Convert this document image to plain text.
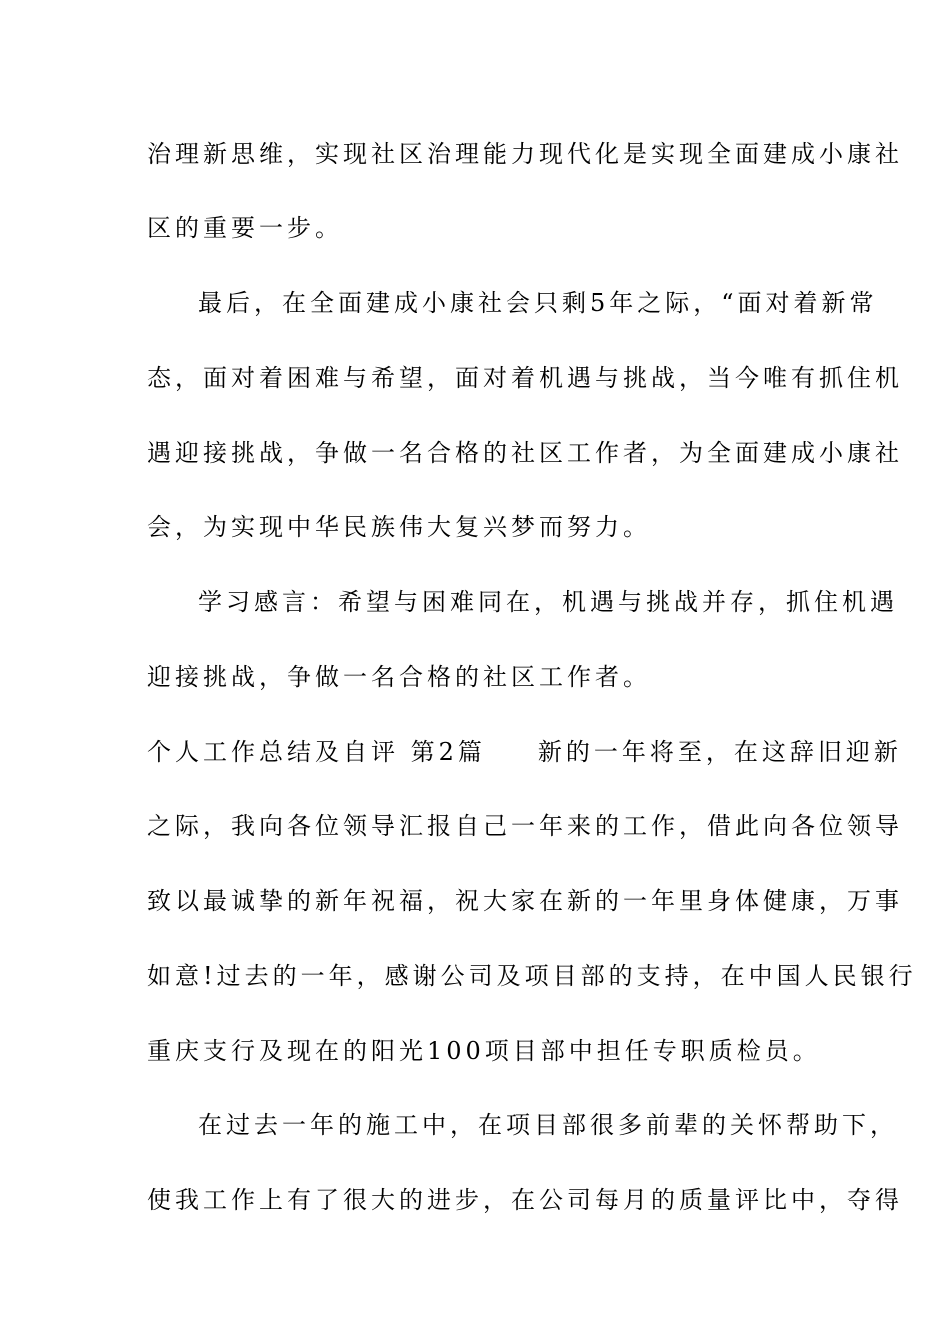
治理新思维，实现社区治理能力现代化是实现全面建成小康社
区的重要一步。
最后，在全面建成小康社会只剩5年之际，“面对着新常
态，面对着困难与希望，面对着机遇与挑战，当今唯有抓住机
遇迎接挑战，争做一名合格的社区工作者，为全面建成小康社
会，为实现中华民族伟大复兴梦而努力。
学习感言：希望与困难同在，机遇与挑战并存，抓住机遇
迎接挑战，争做一名合格的社区工作者。
个人工作总结及自评 第2篇 新的一年将至，在这辞旧迎新
之际，我向各位领导汇报自己一年来的工作，借此向各位领导
致以最诚挚的新年祝福，祝大家在新的一年里身体健康，万事
如意!过去的一年，感谢公司及项目部的支持，在中国人民银行
重庆支行及现在的阳光100项目部中担任专职质检员。
在过去一年的施工中，在项目部很多前辈的关怀帮助下，
使我工作上有了很大的进步，在公司每月的质量评比中，夺得
